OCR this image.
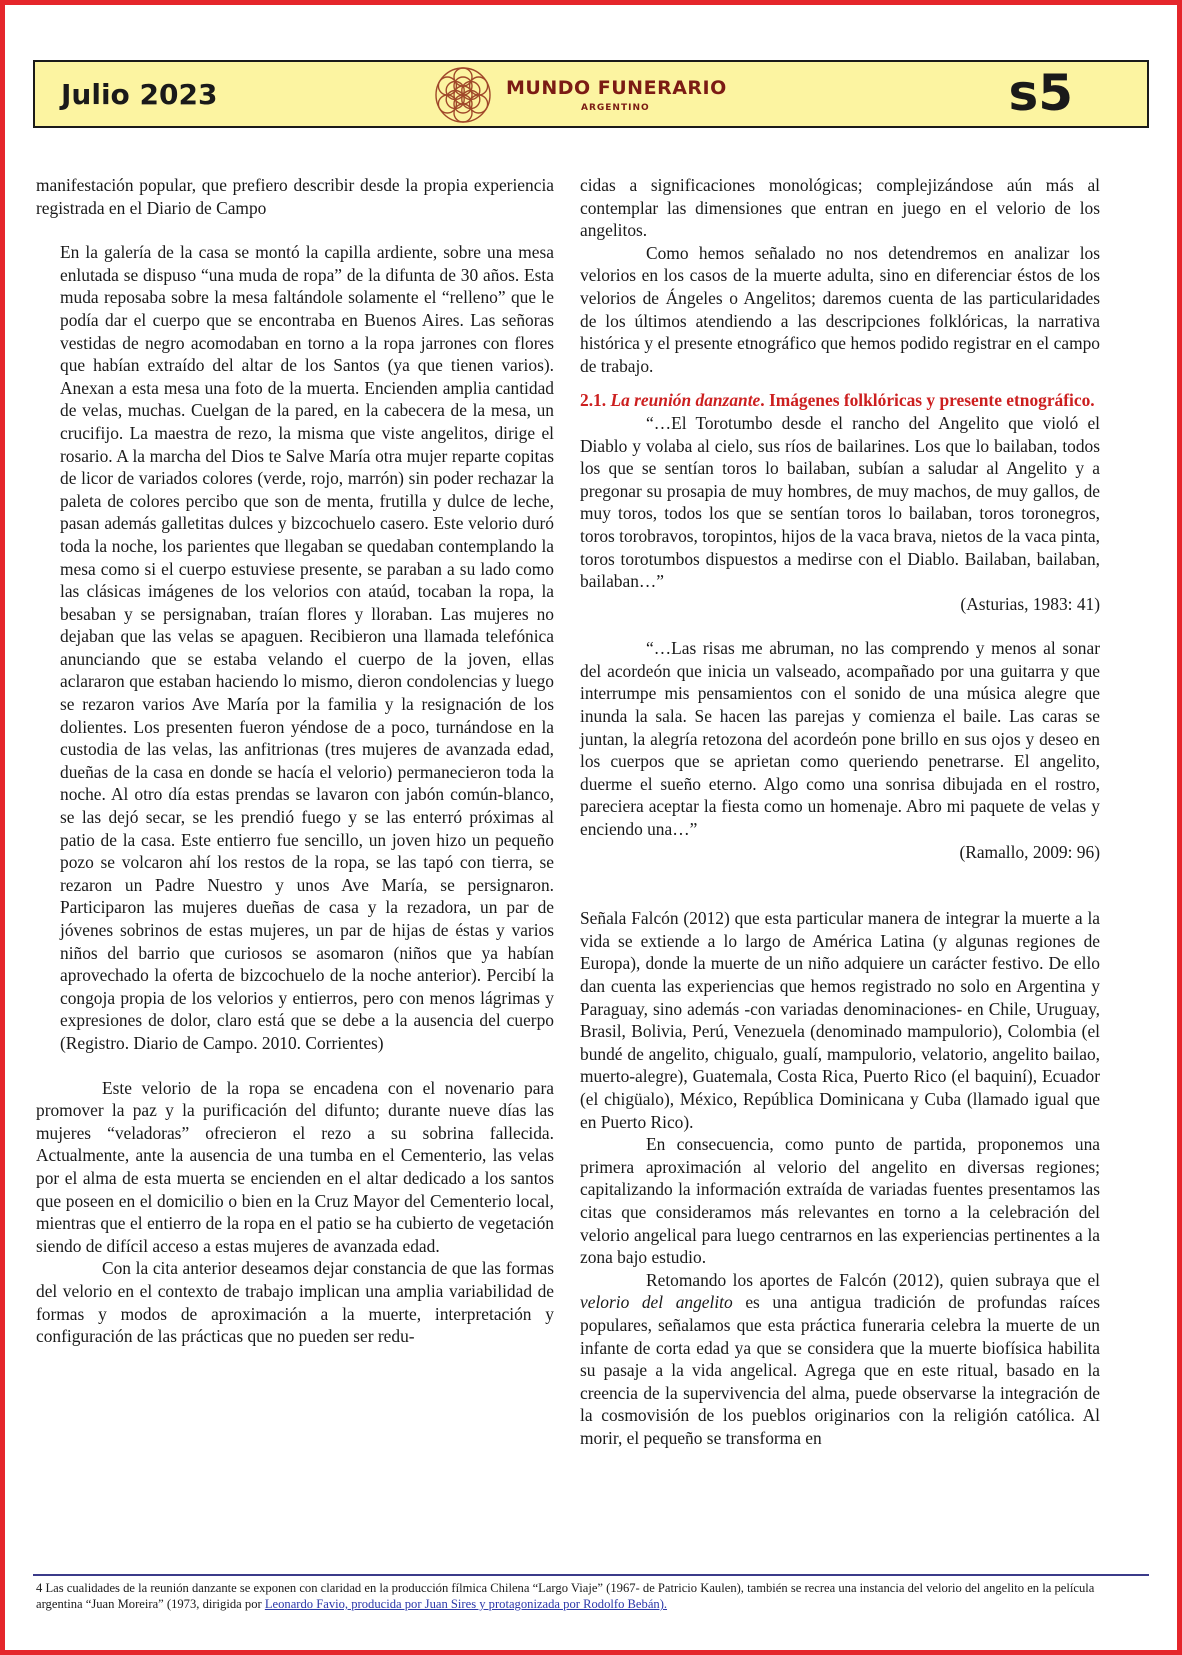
Julio 2023	MUNDO FUNERARIO
ARGENTINO	s5

manifestación popular, que prefiero describir desde la propia experiencia registrada en el Diario de Campo

En la galería de la casa se montó la capilla ardiente, sobre una mesa enlutada se dispuso “una muda de ropa” de la difunta de 30 años. Esta muda reposaba sobre la mesa faltándole solamente el “relleno” que le podía dar el cuerpo que se encontraba en Buenos Aires. Las señoras vestidas de negro acomodaban en torno a la ropa jarrones con flores que habían extraído del altar de los Santos (ya que tienen varios). Anexan a esta mesa una foto de la muerta. Encienden amplia cantidad de velas, muchas. Cuelgan de la pared, en la cabecera de la mesa, un crucifijo. La maestra de rezo, la misma que viste angelitos, dirige el rosario. A la marcha del Dios te Salve María otra mujer reparte copitas de licor de variados colores (verde, rojo, marrón) sin poder rechazar la paleta de colores percibo que son de menta, frutilla y dulce de leche, pasan además galletitas dulces y bizcochuelo casero. Este velorio duró toda la noche, los parientes que llegaban se quedaban contemplando la mesa como si el cuerpo estuviese presente, se paraban a su lado como las clásicas imágenes de los velorios con ataúd, tocaban la ropa, la besaban y se persignaban, traían flores y lloraban. Las mujeres no dejaban que las velas se apaguen. Recibieron una llamada telefónica anunciando que se estaba velando el cuerpo de la joven, ellas aclararon que estaban haciendo lo mismo, dieron condolencias y luego se rezaron varios Ave María por la familia y la resignación de los dolientes. Los presenten fueron yéndose de a poco, turnándose en la custodia de las velas, las anfitrionas (tres mujeres de avanzada edad, dueñas de la casa en donde se hacía el velorio) permanecieron toda la noche. Al otro día estas prendas se lavaron con jabón común-blanco, se las dejó secar, se les prendió fuego y se las enterró próximas al patio de la casa. Este entierro fue sencillo, un joven hizo un pequeño pozo se volcaron ahí los restos de la ropa, se las tapó con tierra, se rezaron un Padre Nuestro y unos Ave María, se persignaron. Participaron las mujeres dueñas de casa y la rezadora, un par de jóvenes sobrinos de estas mujeres, un par de hijas de éstas y varios niños del barrio que curiosos se asomaron (niños que ya habían aprovechado la oferta de bizcochuelo de la noche anterior). Percibí la congoja propia de los velorios y entierros, pero con menos lágrimas y expresiones de dolor, claro está que se debe a la ausencia del cuerpo (Registro. Diario de Campo. 2010. Corrientes)

Este velorio de la ropa se encadena con el novenario para promover la paz y la purificación del difunto; durante nueve días las mujeres “veladoras” ofrecieron el rezo a su sobrina fallecida. Actualmente, ante la ausencia de una tumba en el Cementerio, las velas por el alma de esta muerta se encienden en el altar dedicado a los santos que poseen en el domicilio o bien en la Cruz Mayor del Cementerio local, mientras que el entierro de la ropa en el patio se ha cubierto de vegetación siendo de difícil acceso a estas mujeres de avanzada edad.

Con la cita anterior deseamos dejar constancia de que las formas del velorio en el contexto de trabajo implican una amplia variabilidad de formas y modos de aproximación a la muerte, interpretación y configuración de las prácticas que no pueden ser redu-

cidas a significaciones monológicas; complejizándose aún más al contemplar las dimensiones que entran en juego en el velorio de los angelitos.

Como hemos señalado no nos detendremos en analizar los velorios en los casos de la muerte adulta, sino en diferenciar éstos de los velorios de Ángeles o Angelitos; daremos cuenta de las particularidades de los últimos atendiendo a las descripciones folklóricas, la narrativa histórica y el presente etnográfico que hemos podido registrar en el campo de trabajo.

2.1. La reunión danzante. Imágenes folklóricas y presente etnográfico.

“…El Torotumbo desde el rancho del Angelito que violó el Diablo y volaba al cielo, sus ríos de bailarines. Los que lo bailaban, todos los que se sentían toros lo bailaban, subían a saludar al Angelito y a pregonar su prosapia de muy hombres, de muy machos, de muy gallos, de muy toros, todos los que se sentían toros lo bailaban, toros toronegros, toros torobravos, toropintos, hijos de la vaca brava, nietos de la vaca pinta, toros torotumbos dispuestos a medirse con el Diablo. Bailaban, bailaban, bailaban…”

(Asturias, 1983: 41)

“…Las risas me abruman, no las comprendo y menos al sonar del acordeón que inicia un valseado, acompañado por una guitarra y que interrumpe mis pensamientos con el sonido de una música alegre que inunda la sala. Se hacen las parejas y comienza el baile. Las caras se juntan, la alegría retozona del acordeón pone brillo en sus ojos y deseo en los cuerpos que se aprietan como queriendo penetrarse. El angelito, duerme el sueño eterno. Algo como una sonrisa dibujada en el rostro, pareciera aceptar la fiesta como un homenaje. Abro mi paquete de velas y enciendo una…”

(Ramallo, 2009: 96)

Señala Falcón (2012) que esta particular manera de integrar la muerte a la vida se extiende a lo largo de América Latina (y algunas regiones de Europa), donde la muerte de un niño adquiere un carácter festivo. De ello dan cuenta las experiencias que hemos registrado no solo en Argentina y Paraguay, sino además -con variadas denominaciones- en Chile, Uruguay, Brasil, Bolivia, Perú, Venezuela (denominado mampulorio), Colombia (el bundé de angelito, chigualo, gualí, mampulorio, velatorio, angelito bailao, muerto-alegre), Guatemala, Costa Rica, Puerto Rico (el baquiní), Ecuador (el chigüalo), México, República Dominicana y Cuba (llamado igual que en Puerto Rico).

En consecuencia, como punto de partida, proponemos una primera aproximación al velorio del angelito en diversas regiones; capitalizando la información extraída de variadas fuentes presentamos las citas que consideramos más relevantes en torno a la celebración del velorio angelical para luego centrarnos en las experiencias pertinentes a la zona bajo estudio.

Retomando los aportes de Falcón (2012), quien subraya que el velorio del angelito es una antigua tradición de profundas raíces populares, señalamos que esta práctica funeraria celebra la muerte de un infante de corta edad ya que se considera que la muerte biofísica habilita su pasaje a la vida angelical. Agrega que en este ritual, basado en la creencia de la supervivencia del alma, puede observarse la integración de la cosmovisión de los pueblos originarios con la religión católica. Al morir, el pequeño se transforma en

4 Las cualidades de la reunión danzante se exponen con claridad en la producción fílmica Chilena “Largo Viaje” (1967- de Patricio Kaulen), también se recrea una instancia del velorio del angelito en la película argentina “Juan Moreira” (1973, dirigida por Leonardo Favio, producida por Juan Sires y protagonizada por Rodolfo Bebán).
